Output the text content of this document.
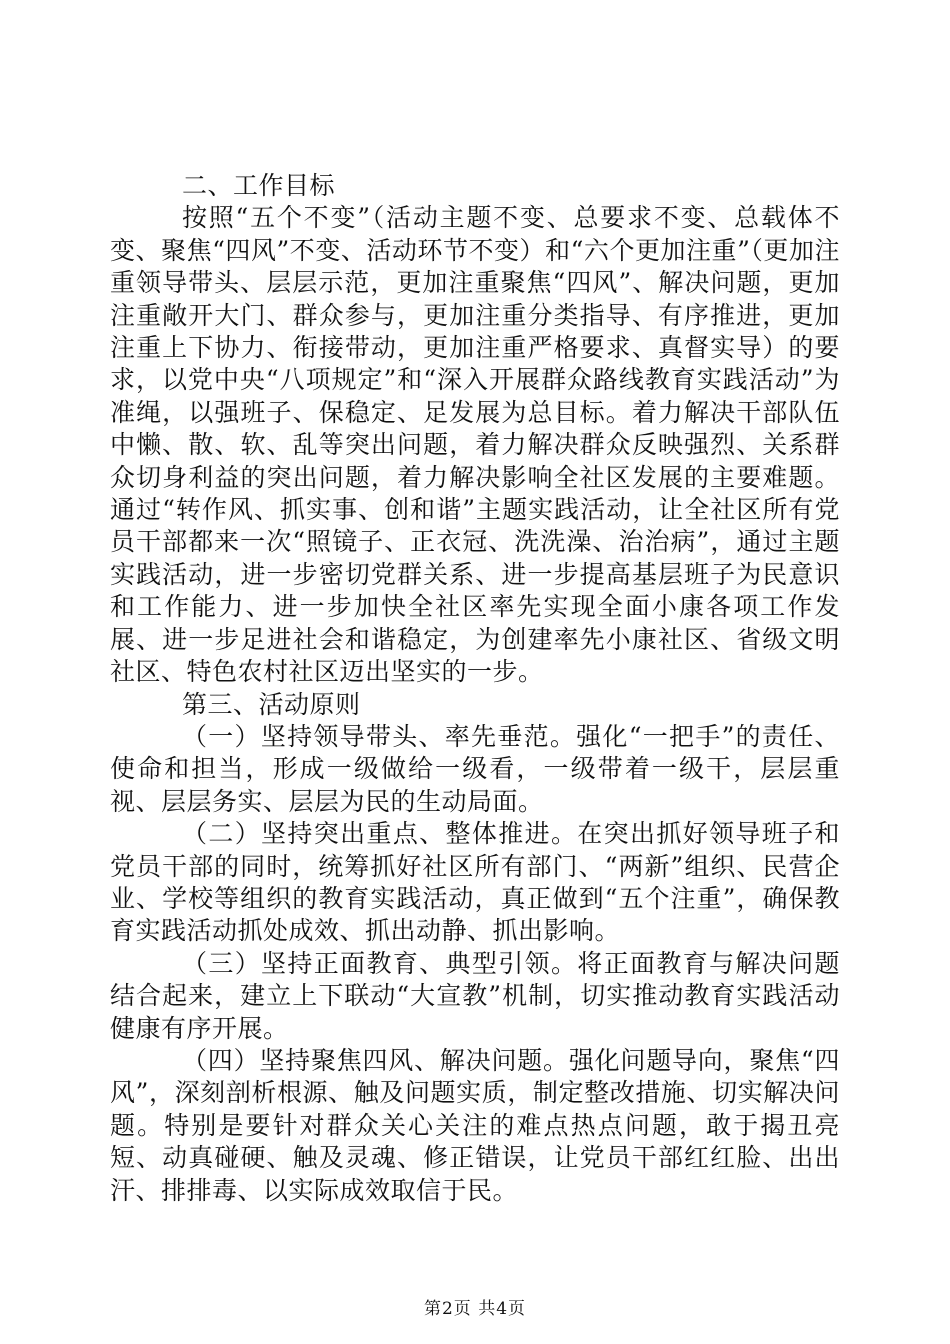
二、工作目标

按照“五个不变”（活动主题不变、总要求不变、总载体不变、聚焦“四风”不变、活动环节不变）和“六个更加注重”（更加注重领导带头、层层示范，更加注重聚焦“四风”、解决问题，更加注重敞开大门、群众参与，更加注重分类指导、有序推进，更加注重上下协力、衔接带动，更加注重严格要求、真督实导）的要求，以党中央“八项规定”和“深入开展群众路线教育实践活动”为准绳，以强班子、保稳定、足发展为总目标。着力解决干部队伍中懒、散、软、乱等突出问题，着力解决群众反映强烈、关系群众切身利益的突出问题，着力解决影响全社区发展的主要难题。通过“转作风、抓实事、创和谐”主题实践活动，让全社区所有党员干部都来一次“照镜子、正衣冠、洗洗澡、治治病”，通过主题实践活动，进一步密切党群关系、进一步提高基层班子为民意识和工作能力、进一步加快全社区率先实现全面小康各项工作发展、进一步足进社会和谐稳定，为创建率先小康社区、省级文明社区、特色农村社区迈出坚实的一步。

第三、活动原则

（一）坚持领导带头、率先垂范。强化“一把手”的责任、使命和担当，形成一级做给一级看，一级带着一级干，层层重视、层层务实、层层为民的生动局面。

（二）坚持突出重点、整体推进。在突出抓好领导班子和党员干部的同时，统筹抓好社区所有部门、“两新”组织、民营企业、学校等组织的教育实践活动，真正做到“五个注重”，确保教育实践活动抓处成效、抓出动静、抓出影响。

（三）坚持正面教育、典型引领。将正面教育与解决问题结合起来，建立上下联动“大宣教”机制，切实推动教育实践活动健康有序开展。

（四）坚持聚焦四风、解决问题。强化问题导向，聚焦“四风”，深刻剖析根源、触及问题实质，制定整改措施、切实解决问题。特别是要针对群众关心关注的难点热点问题，敢于揭丑亮短、动真碰硬、触及灵魂、修正错误，让党员干部红红脸、出出汗、排排毒、以实际成效取信于民。

第2页 共4页
